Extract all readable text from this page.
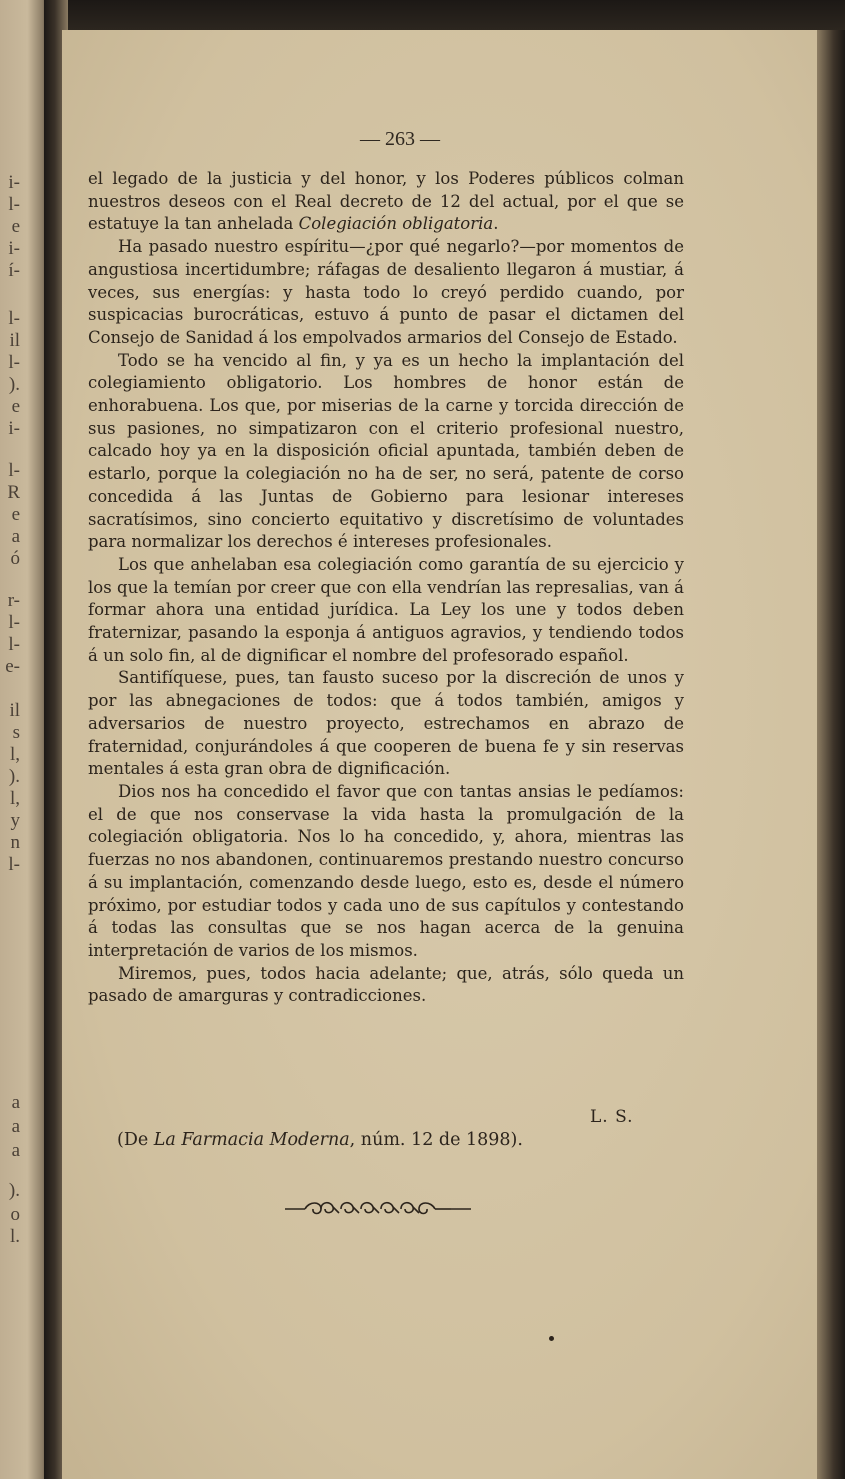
i-
l-
e
i-
í-
l-
il
l-
).
e
i-
l-
R
e
a
ó
r-
l-
l-
e-
il
s
l,
).
l,
y
n
l-
a
a
a
).
o
l.
— 263 —

el legado de la justicia y del honor, y los Poderes públicos colman nuestros deseos con el Real decreto de 12 del actual, por el que se estatuye la tan anhelada Colegiación obligatoria.

Ha pasado nuestro espíritu—¿por qué negarlo?—por momentos de angustiosa incertidumbre; ráfagas de desaliento llegaron á mustiar, á veces, sus energías: y hasta todo lo creyó perdido cuando, por suspicacias burocráticas, estuvo á punto de pasar el dictamen del Consejo de Sanidad á los empolvados armarios del Consejo de Estado.

Todo se ha vencido al fin, y ya es un hecho la implantación del colegiamiento obligatorio. Los hombres de honor están de enhorabuena. Los que, por miserias de la carne y torcida dirección de sus pasiones, no simpatizaron con el criterio profesional nuestro, calcado hoy ya en la disposición oficial apuntada, también deben de estarlo, porque la colegiación no ha de ser, no será, patente de corso concedida á las Juntas de Gobierno para lesionar intereses sacratísimos, sino concierto equitativo y discretísimo de voluntades para normalizar los derechos é intereses profesionales.

Los que anhelaban esa colegiación como garantía de su ejercicio y los que la temían por creer que con ella vendrían las represalias, van á formar ahora una entidad jurídica. La Ley los une y todos deben fraternizar, pasando la esponja á antiguos agravios, y tendiendo todos á un solo fin, al de dignificar el nombre del profesorado español.

Santifíquese, pues, tan fausto suceso por la discreción de unos y por las abnegaciones de todos: que á todos también, amigos y adversarios de nuestro proyecto, estrechamos en abrazo de fraternidad, conjurándoles á que cooperen de buena fe y sin reservas mentales á esta gran obra de dignificación.

Dios nos ha concedido el favor que con tantas ansias le pedíamos: el de que nos conservase la vida hasta la promulgación de la colegiación obligatoria. Nos lo ha concedido, y, ahora, mientras las fuerzas no nos abandonen, continuaremos prestando nuestro concurso á su implantación, comenzando desde luego, esto es, desde el número próximo, por estudiar todos y cada uno de sus capítulos y contestando á todas las consultas que se nos hagan acerca de la genuina interpretación de varios de los mismos.

Miremos, pues, todos hacia adelante; que, atrás, sólo queda un pasado de amarguras y contradicciones.

L. S.
(De La Farmacia Moderna, núm. 12 de 1898).
